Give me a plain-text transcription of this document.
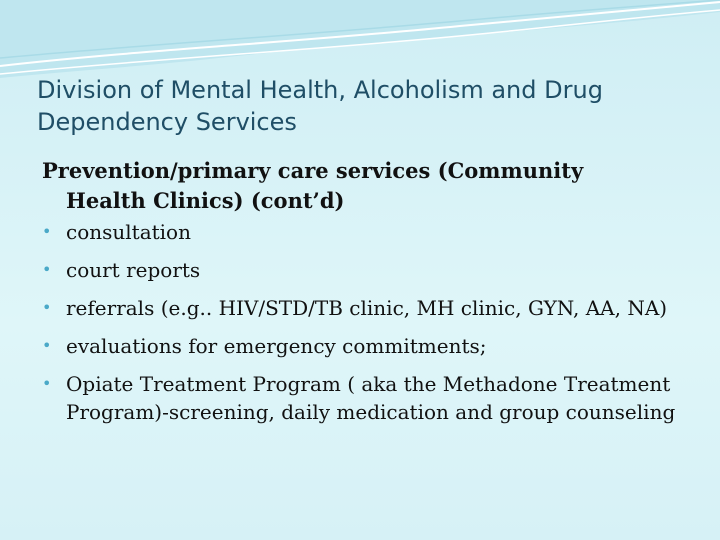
Division of Mental Health, Alcoholism and Drug Dependency Services
Prevention/primary care services (Community
Health Clinics) (cont’d)
• consultation
• court reports
• referrals (e.g.. HIV/STD/TB clinic, MH clinic, GYN, AA, NA)
• evaluations for emergency commitments;
• Opiate Treatment Program ( aka the Methadone Treatment Program)-screening, daily medication and group counseling
